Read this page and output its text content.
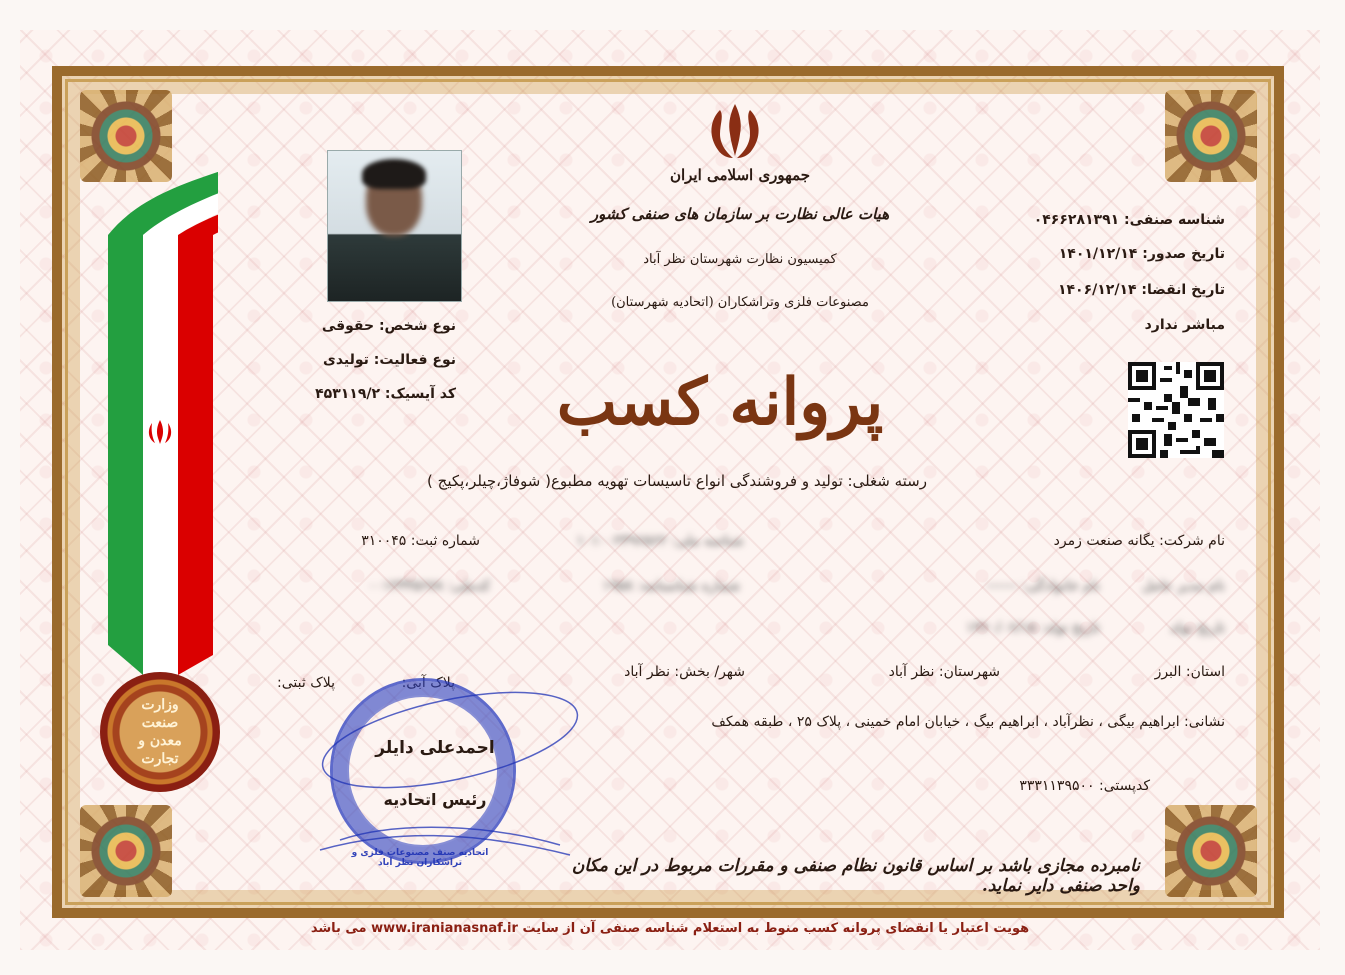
جمهوری اسلامی ایران
هیات عالی نظارت بر سازمان های صنفی کشور
کمیسیون نظارت شهرستان نظر آباد
مصنوعات فلزی وتراشکاران (اتحادیه شهرستان)
پروانه کسب
وزارت صنعت معدن و تجارت
نوع شخص: حقوقی
نوع فعالیت: تولیدی
کد آیسیک: ۴۵۳۱۱۹/۲
شناسه صنفی: ۰۴۶۶۲۸۱۳۹۱
تاریخ صدور: ۱۴۰۱/۱۲/۱۴
تاریخ انقضا: ۱۴۰۶/۱۲/۱۴
مباشر ندارد
رسته شغلی: تولید و فروشندگی انواع تاسیسات تهویه مطبوع( شوفاژ،چیلر،پکیج )
نام شرکت: یگانه صنعت زمرد
شناسه ملی: ۱۰۱۰۰۲۳۹۶۵۶۲
شماره ثبت: ۳۱۰۰۴۵
نام مدیر عامل
نام خانوادگی: ------
شماره شناسنامه: ۱۹۵۸
کدملی: ۰۰۱۲۳۴۵۶۷۸
تاریخ تولد
تاریخ تولد: ۱۳۶۰/۰۶/۱۵
استان: البرز
شهرستان: نظر آباد
شهر/ بخش: نظر آباد
پلاک آبی:
پلاک ثبتی:
نشانی: ابراهیم بیگی ، نظرآباد ، ابراهیم بیگ ، خیابان امام خمینی ، پلاک ۲۵ ، طبقه همکف
کدپستی: ۳۳۳۱۱۳۹۵۰۰
اتحادیه صنف مصنوعات فلزی و تراشکاران نظر آباد
احمدعلی دایلر
رئیس اتحادیه
نامبرده مجازی باشد بر اساس قانون نظام صنفی و مقررات مربوط در این مکان واحد صنفی دایر نماید.
هویت اعتبار یا انقضای پروانه کسب منوط به استعلام شناسه صنفی آن از سایت www.iranianasnaf.ir می باشد
